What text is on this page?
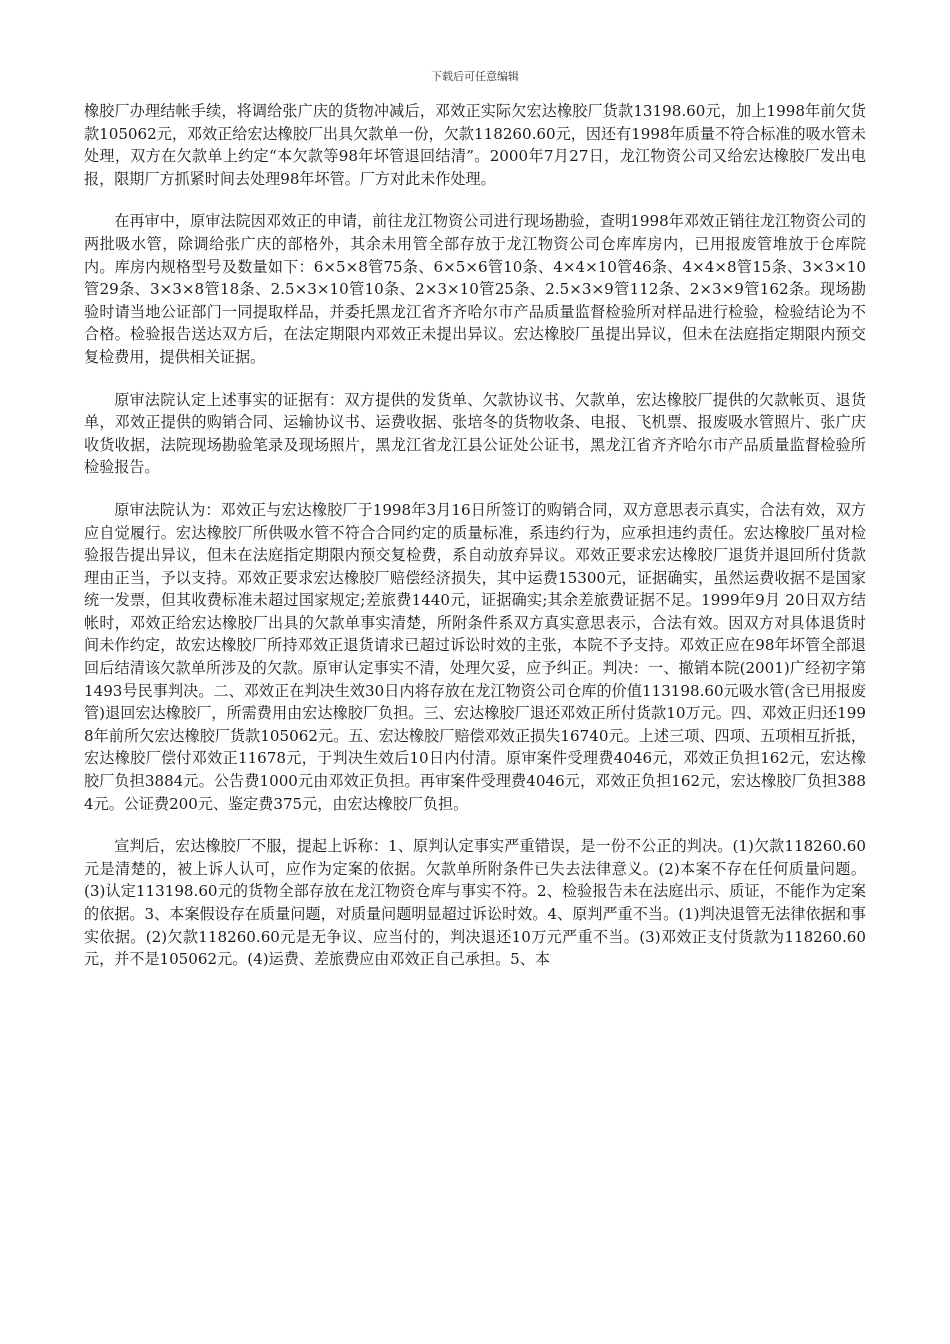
下载后可任意编辑

橡胶厂办理结帐手续，将调给张广庆的货物冲减后，邓效正实际欠宏达橡胶厂货款13198.60元，加上1998年前欠货款105062元，邓效正给宏达橡胶厂出具欠款单一份，欠款118260.60元，因还有1998年质量不符合标准的吸水管未处理，双方在欠款单上约定“本欠款等98年坏管退回结清”。2000年7月27日，龙江物资公司又给宏达橡胶厂发出电报，限期厂方抓紧时间去处理98年坏管。厂方对此未作处理。

在再审中，原审法院因邓效正的申请，前往龙江物资公司进行现场勘验，查明1998年邓效正销往龙江物资公司的两批吸水管，除调给张广庆的部格外，其余未用管全部存放于龙江物资公司仓库库房内，已用报废管堆放于仓库院内。库房内规格型号及数量如下：6×5×8管75条、6×5×6管10条、4×4×10管46条、4×4×8管15条、3×3×10管29条、3×3×8管18条、2.5×3×10管10条、2×3×10管25条、2.5×3×9管112条、2×3×9管162条。现场勘验时请当地公证部门一同提取样品，并委托黑龙江省齐齐哈尔市产品质量监督检验所对样品进行检验，检验结论为不合格。检验报告送达双方后，在法定期限内邓效正未提出异议。宏达橡胶厂虽提出异议，但未在法庭指定期限内预交复检费用，提供相关证据。

原审法院认定上述事实的证据有：双方提供的发货单、欠款协议书、欠款单，宏达橡胶厂提供的欠款帐页、退货单，邓效正提供的购销合同、运输协议书、运费收据、张培冬的货物收条、电报、飞机票、报废吸水管照片、张广庆收货收据，法院现场勘验笔录及现场照片，黑龙江省龙江县公证处公证书，黑龙江省齐齐哈尔市产品质量监督检验所检验报告。

原审法院认为：邓效正与宏达橡胶厂于1998年3月16日所签订的购销合同，双方意思表示真实，合法有效，双方应自觉履行。宏达橡胶厂所供吸水管不符合合同约定的质量标准，系违约行为，应承担违约责任。宏达橡胶厂虽对检验报告提出异议，但未在法庭指定期限内预交复检费，系自动放弃异议。邓效正要求宏达橡胶厂退货并退回所付货款理由正当，予以支持。邓效正要求宏达橡胶厂赔偿经济损失，其中运费15300元，证据确实，虽然运费收据不是国家统一发票，但其收费标准未超过国家规定;差旅费1440元，证据确实;其余差旅费证据不足。1999年9月 20日双方结帐时，邓效正给宏达橡胶厂出具的欠款单事实清楚，所附条件系双方真实意思表示，合法有效。因双方对具体退货时间未作约定，故宏达橡胶厂所持邓效正退货请求已超过诉讼时效的主张，本院不予支持。邓效正应在98年坏管全部退回后结清该欠款单所涉及的欠款。原审认定事实不清，处理欠妥，应予纠正。判决：一、撤销本院(2001)广经初字第1493号民事判决。二、邓效正在判决生效30日内将存放在龙江物资公司仓库的价值113198.60元吸水管(含已用报废管)退回宏达橡胶厂，所需费用由宏达橡胶厂负担。三、宏达橡胶厂退还邓效正所付货款10万元。四、邓效正归还1998年前所欠宏达橡胶厂货款105062元。五、宏达橡胶厂赔偿邓效正损失16740元。上述三项、四项、五项相互折抵，宏达橡胶厂偿付邓效正11678元，于判决生效后10日内付清。原审案件受理费4046元，邓效正负担162元，宏达橡胶厂负担3884元。公告费1000元由邓效正负担。再审案件受理费4046元，邓效正负担162元，宏达橡胶厂负担3884元。公证费200元、鉴定费375元，由宏达橡胶厂负担。

宣判后，宏达橡胶厂不服，提起上诉称：1、原判认定事实严重错误，是一份不公正的判决。(1)欠款118260.60元是清楚的，被上诉人认可，应作为定案的依据。欠款单所附条件已失去法律意义。(2)本案不存在任何质量问题。(3)认定113198.60元的货物全部存放在龙江物资仓库与事实不符。2、检验报告未在法庭出示、质证，不能作为定案的依据。3、本案假设存在质量问题，对质量问题明显超过诉讼时效。4、原判严重不当。(1)判决退管无法律依据和事实依据。(2)欠款118260.60元是无争议、应当付的，判决退还10万元严重不当。(3)邓效正支付货款为118260.60元，并不是105062元。(4)运费、差旅费应由邓效正自己承担。5、本
